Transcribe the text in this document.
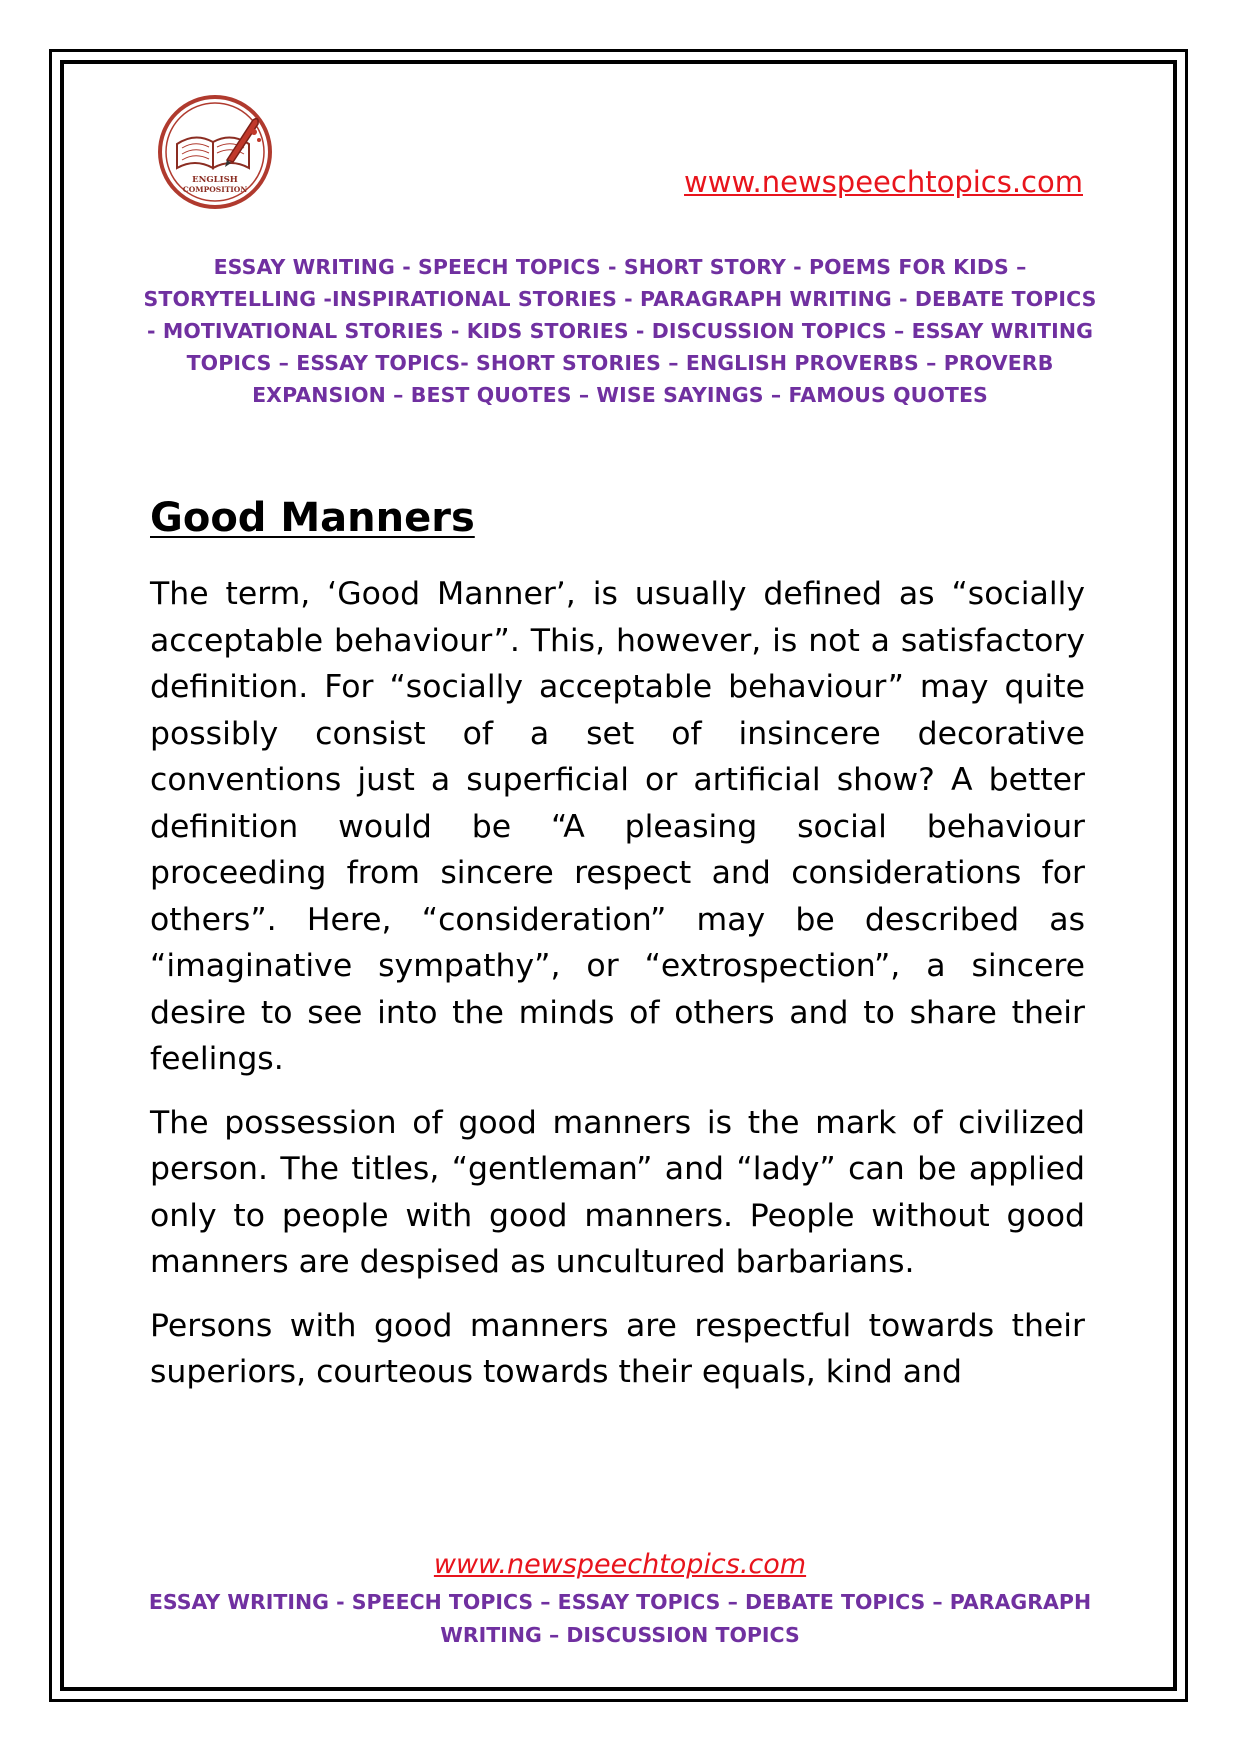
ENGLISH
COMPOSITION	www.newspeechtopics.com
ESSAY WRITING - SPEECH TOPICS - SHORT STORY - POEMS FOR KIDS – STORYTELLING -INSPIRATIONAL STORIES - PARAGRAPH WRITING - DEBATE TOPICS - MOTIVATIONAL STORIES - KIDS STORIES - DISCUSSION TOPICS – ESSAY WRITING TOPICS – ESSAY TOPICS- SHORT STORIES – ENGLISH PROVERBS – PROVERB EXPANSION – BEST QUOTES – WISE SAYINGS – FAMOUS QUOTES
Good Manners

The term, ‘Good Manner’, is usually defined as “socially acceptable behaviour”. This, however, is not a satisfactory definition. For “socially acceptable behaviour” may quite possibly consist of a set of insincere decorative conventions just a superficial or artificial show? A better definition would be “A pleasing social behaviour proceeding from sincere respect and considerations for others”. Here, “consideration” may be described as “imaginative sympathy”, or “extrospection”, a sincere desire to see into the minds of others and to share their feelings.

The possession of good manners is the mark of civilized person. The titles, “gentleman” and “lady” can be applied only to people with good manners. People without good manners are despised as uncultured barbarians.

Persons with good manners are respectful towards their superiors, courteous towards their equals, kind and

www.newspeechtopics.com
ESSAY WRITING - SPEECH TOPICS – ESSAY TOPICS – DEBATE TOPICS – PARAGRAPH WRITING – DISCUSSION TOPICS
